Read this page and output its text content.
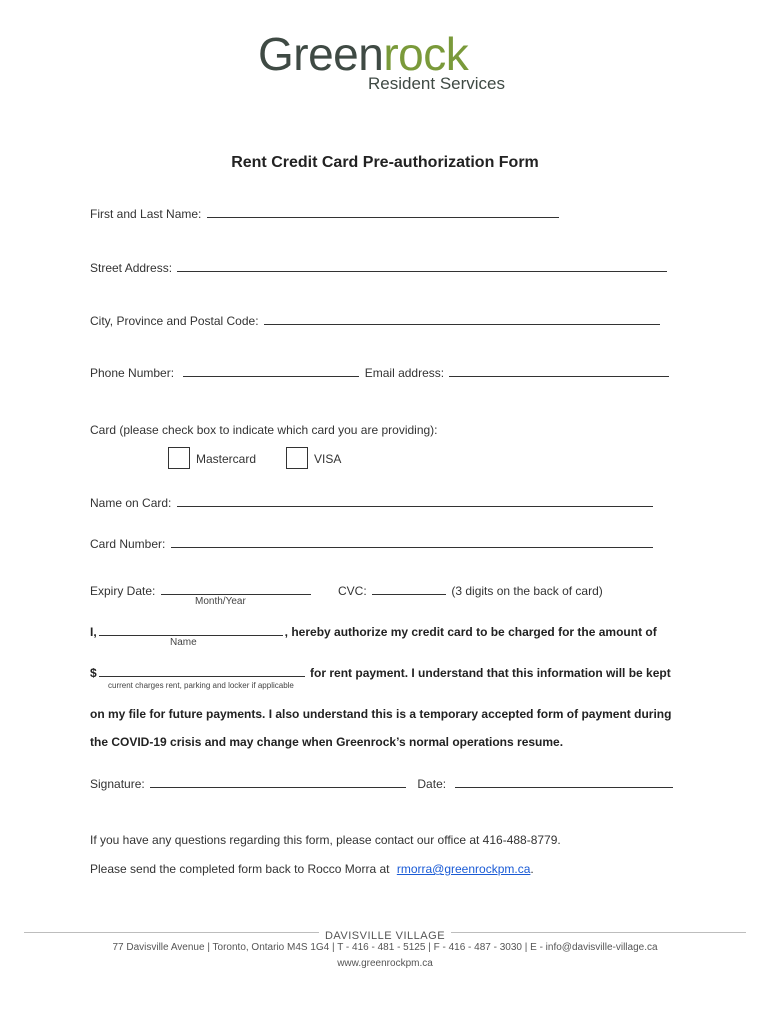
Greenrock
Resident Services
Rent Credit Card Pre-authorization Form
First and Last Name:
Street Address:
City, Province and Postal Code:
Phone Number:	Email address:
Card (please check box to indicate which card you are providing):
Mastercard	VISA
Name on Card:
Card Number:
Expiry Date:
Month/Year
CVC:	(3 digits on the back of card)
I,	, hereby authorize my credit card to be charged for the amount of
Name
$	for rent payment. I understand that this information will be kept
current charges rent, parking and locker if applicable
on my file for future payments. I also understand this is a temporary accepted form of payment during
the COVID-19 crisis and may change when Greenrock’s normal operations resume.
Signature:	Date:
If you have any questions regarding this form, please contact our office at 416-488-8779.
Please send the completed form back to Rocco Morra at rmorra@greenrockpm.ca.
DAVISVILLE VILLAGE
77 Davisville Avenue | Toronto, Ontario M4S 1G4 | T - 416 - 481 - 5125 | F - 416 - 487 - 3030 | E - info@davisville-village.ca
www.greenrockpm.ca
